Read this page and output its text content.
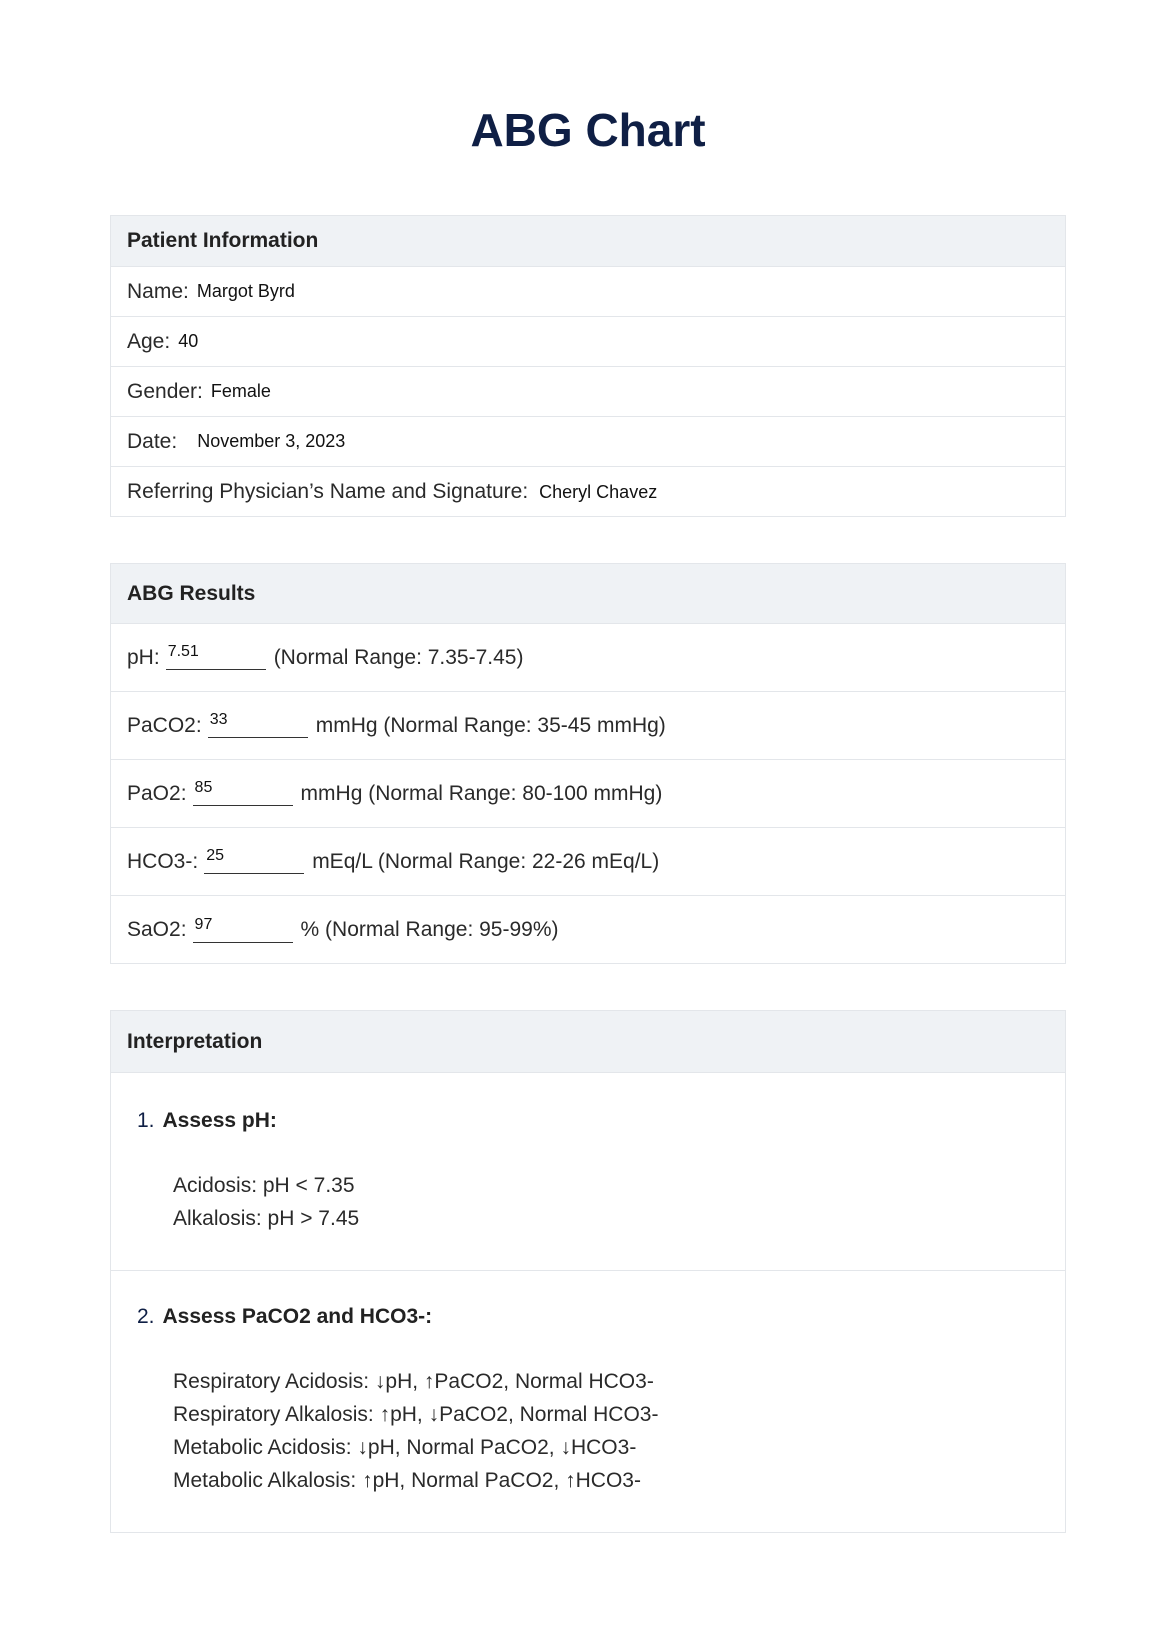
ABG Chart
Patient Information
Name: Margot Byrd
Age: 40
Gender: Female
Date: November 3, 2023
Referring Physician’s Name and Signature: Cheryl Chavez
ABG Results
pH: 7.51	(Normal Range: 7.35-7.45)
PaCO2: 33	mmHg (Normal Range: 35-45 mmHg)
PaO2: 85	mmHg (Normal Range: 80-100 mmHg)
HCO3-: 25	mEq/L (Normal Range: 22-26 mEq/L)
SaO2: 97	% (Normal Range: 95-99%)
Interpretation
1. Assess pH:
Acidosis: pH < 7.35
Alkalosis: pH > 7.45
2. Assess PaCO2 and HCO3-:
Respiratory Acidosis: ↓pH, ↑PaCO2, Normal HCO3-
Respiratory Alkalosis: ↑pH, ↓PaCO2, Normal HCO3-
Metabolic Acidosis: ↓pH, Normal PaCO2, ↓HCO3-
Metabolic Alkalosis: ↑pH, Normal PaCO2, ↑HCO3-
